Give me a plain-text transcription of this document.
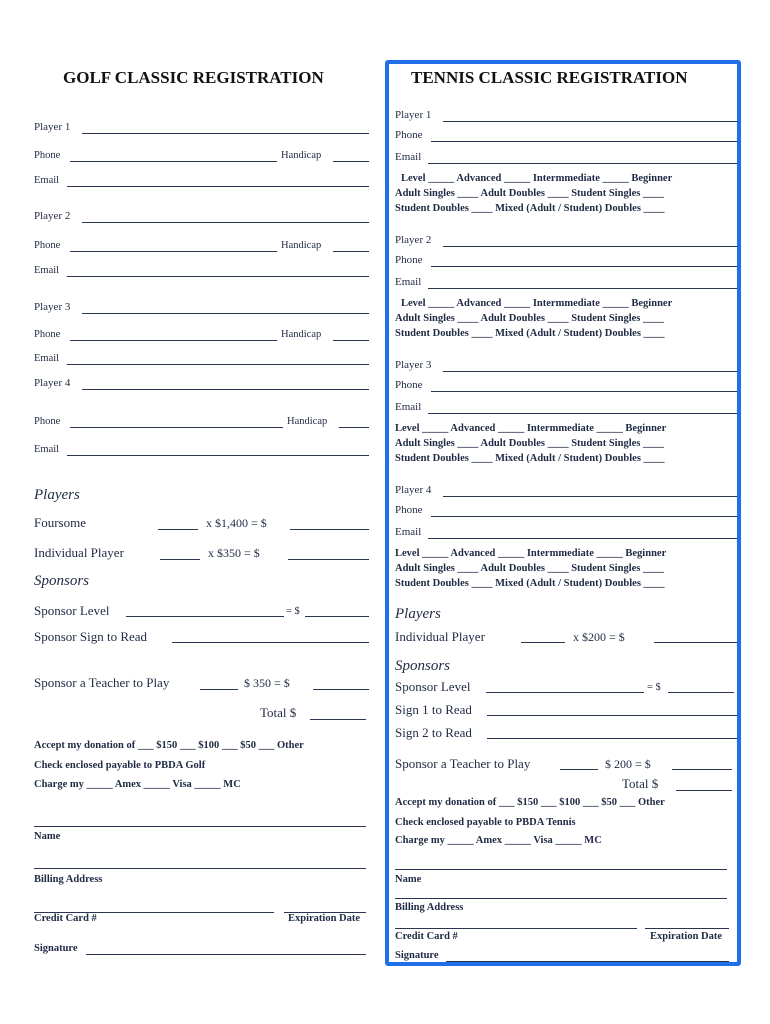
GOLF CLASSIC REGISTRATION
Player 1
Phone	Handicap
Email
Player 2
Phone	Handicap
Email
Player 3
Phone	Handicap
Email
Player 4
Phone	Handicap
Email
Players
Foursome	x $1,400 = $
Individual Player	x $350 = $
Sponsors
Sponsor Level	= $
Sponsor Sign to Read
Sponsor a Teacher to Play	$ 350 = $
Total $
Accept my donation of ___ $150 ___ $100 ___ $50 ___ Other
Check enclosed payable to PBDA Golf
Charge my _____ Amex _____ Visa _____ MC
Name
Billing Address
Credit Card #	Expiration Date
Signature
TENNIS CLASSIC REGISTRATION
Player 1
Phone
Email
Level _____ Advanced _____ Intermmediate _____ Beginner
Adult Singles ____ Adult Doubles ____ Student Singles ____
Student Doubles ____ Mixed (Adult / Student) Doubles ____
Player 2
Phone
Email
Level _____ Advanced _____ Intermmediate _____ Beginner
Adult Singles ____ Adult Doubles ____ Student Singles ____
Student Doubles ____ Mixed (Adult / Student) Doubles ____
Player 3
Phone
Email
Level _____ Advanced _____ Intermmediate _____ Beginner
Adult Singles ____ Adult Doubles ____ Student Singles ____
Student Doubles ____ Mixed (Adult / Student) Doubles ____
Player 4
Phone
Email
Level _____ Advanced _____ Intermmediate _____ Beginner
Adult Singles ____ Adult Doubles ____ Student Singles ____
Student Doubles ____ Mixed (Adult / Student) Doubles ____
Players
Individual Player	x $200 = $
Sponsors
Sponsor Level	= $
Sign 1 to Read
Sign 2 to Read
Sponsor a Teacher to Play	$ 200 = $
Total $
Accept my donation of ___ $150 ___ $100 ___ $50 ___ Other
Check enclosed payable to PBDA Tennis
Charge my _____ Amex _____ Visa _____ MC
Name
Billing Address
Credit Card #	Expiration Date
Signature
